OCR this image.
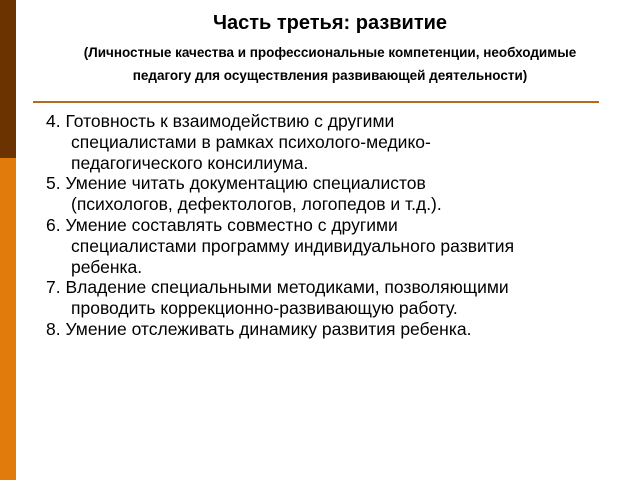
Часть третья: развитие
(Личностные качества и профессиональные компетенции, необходимые
педагогу для осуществления развивающей деятельности)
4. Готовность к взаимодействию с другими
специалистами в рамках психолого-медико-
педагогического консилиума.
5. Умение читать документацию специалистов
(психологов, дефектологов, логопедов и т.д.).
6. Умение составлять совместно с другими
специалистами программу индивидуального развития
ребенка.
7. Владение специальными методиками, позволяющими
проводить коррекционно-развивающую работу.
8. Умение отслеживать динамику развития ребенка.
